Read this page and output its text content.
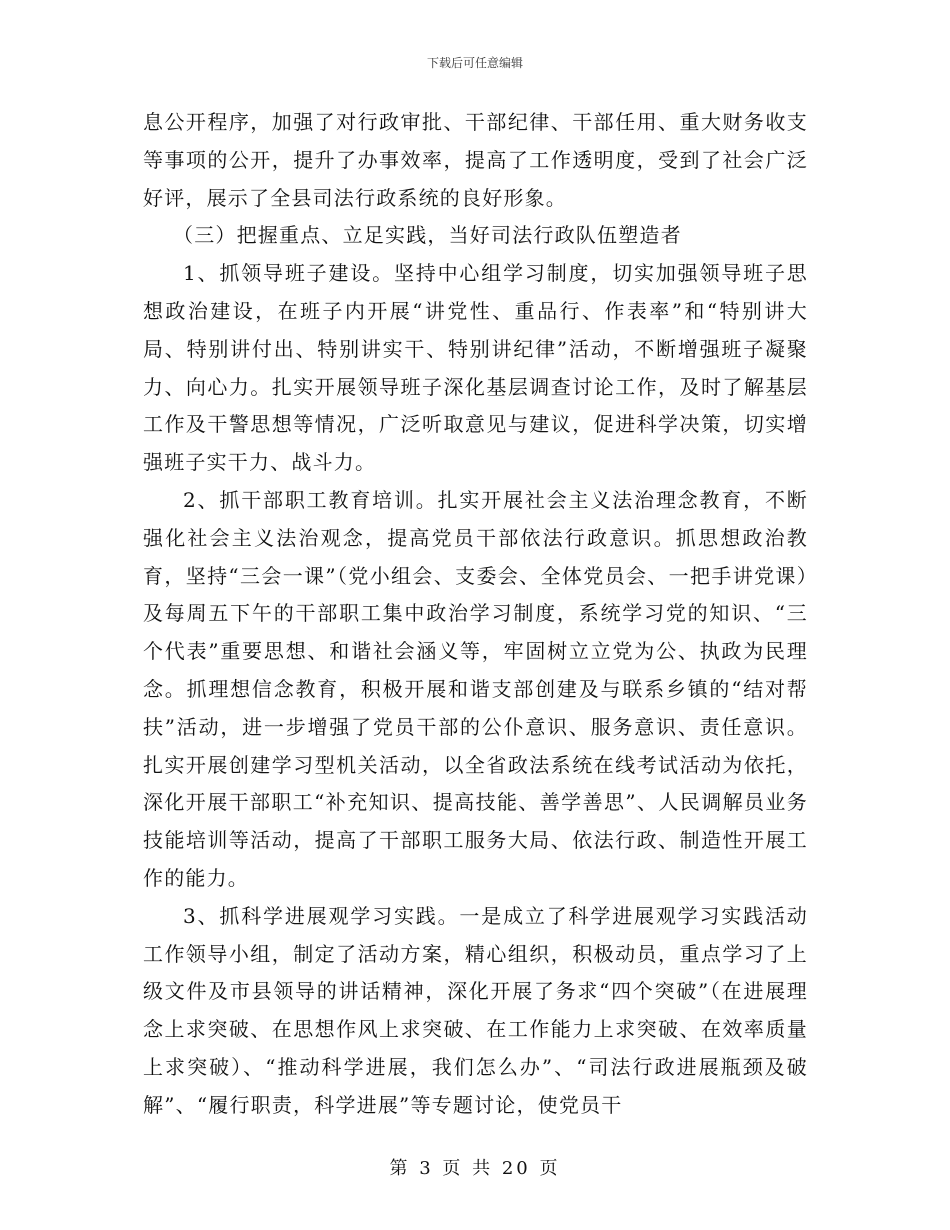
下载后可任意编辑

息公开程序，加强了对行政审批、干部纪律、干部任用、重大财务收支等事项的公开，提升了办事效率，提高了工作透明度，受到了社会广泛好评，展示了全县司法行政系统的良好形象。

（三）把握重点、立足实践，当好司法行政队伍塑造者

1、抓领导班子建设。坚持中心组学习制度，切实加强领导班子思想政治建设，在班子内开展“讲党性、重品行、作表率”和“特别讲大局、特别讲付出、特别讲实干、特别讲纪律”活动，不断增强班子凝聚力、向心力。扎实开展领导班子深化基层调查讨论工作，及时了解基层工作及干警思想等情况，广泛听取意见与建议，促进科学决策，切实增强班子实干力、战斗力。

2、抓干部职工教育培训。扎实开展社会主义法治理念教育，不断强化社会主义法治观念，提高党员干部依法行政意识。抓思想政治教育，坚持“三会一课”（党小组会、支委会、全体党员会、一把手讲党课）及每周五下午的干部职工集中政治学习制度，系统学习党的知识、“三个代表”重要思想、和谐社会涵义等，牢固树立立党为公、执政为民理念。抓理想信念教育，积极开展和谐支部创建及与联系乡镇的“结对帮扶”活动，进一步增强了党员干部的公仆意识、服务意识、责任意识。扎实开展创建学习型机关活动，以全省政法系统在线考试活动为依托，深化开展干部职工“补充知识、提高技能、善学善思”、人民调解员业务技能培训等活动，提高了干部职工服务大局、依法行政、制造性开展工作的能力。

3、抓科学进展观学习实践。一是成立了科学进展观学习实践活动工作领导小组，制定了活动方案，精心组织，积极动员，重点学习了上级文件及市县领导的讲话精神，深化开展了务求“四个突破”（在进展理念上求突破、在思想作风上求突破、在工作能力上求突破、在效率质量上求突破）、“推动科学进展，我们怎么办”、“司法行政进展瓶颈及破解”、“履行职责，科学进展”等专题讨论，使党员干

第 3 页 共 20 页
